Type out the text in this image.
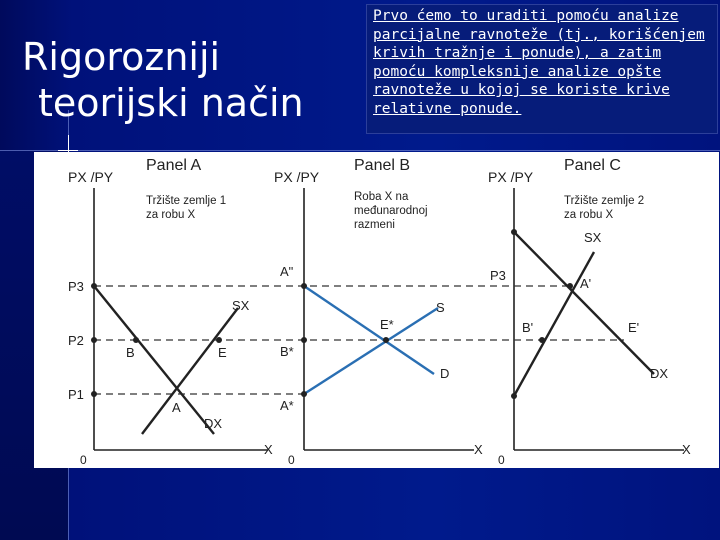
Rigorozniji
teorijski način
Prvo ćemo to uraditi pomoću analize parcijalne ravnoteže (tj., korišćenjem krivih tražnje i ponude), a zatim pomoću kompleksnije analize opšte ravnoteže u kojoj se koriste krive relativne ponude.
Panel A
PX /PY
Tržište zemlje 1
za robu X
P3
P2
P1
B	E
A
SX
DX
X
0
Panel B
PX /PY
Roba X na
međunarodnoj
razmeni
A"
B*
A*
E*
S
D
X
0
Panel C
PX /PY
Tržište zemlje 2
za robu X
P3
A'
B'	E'
SX
DX
X
0
